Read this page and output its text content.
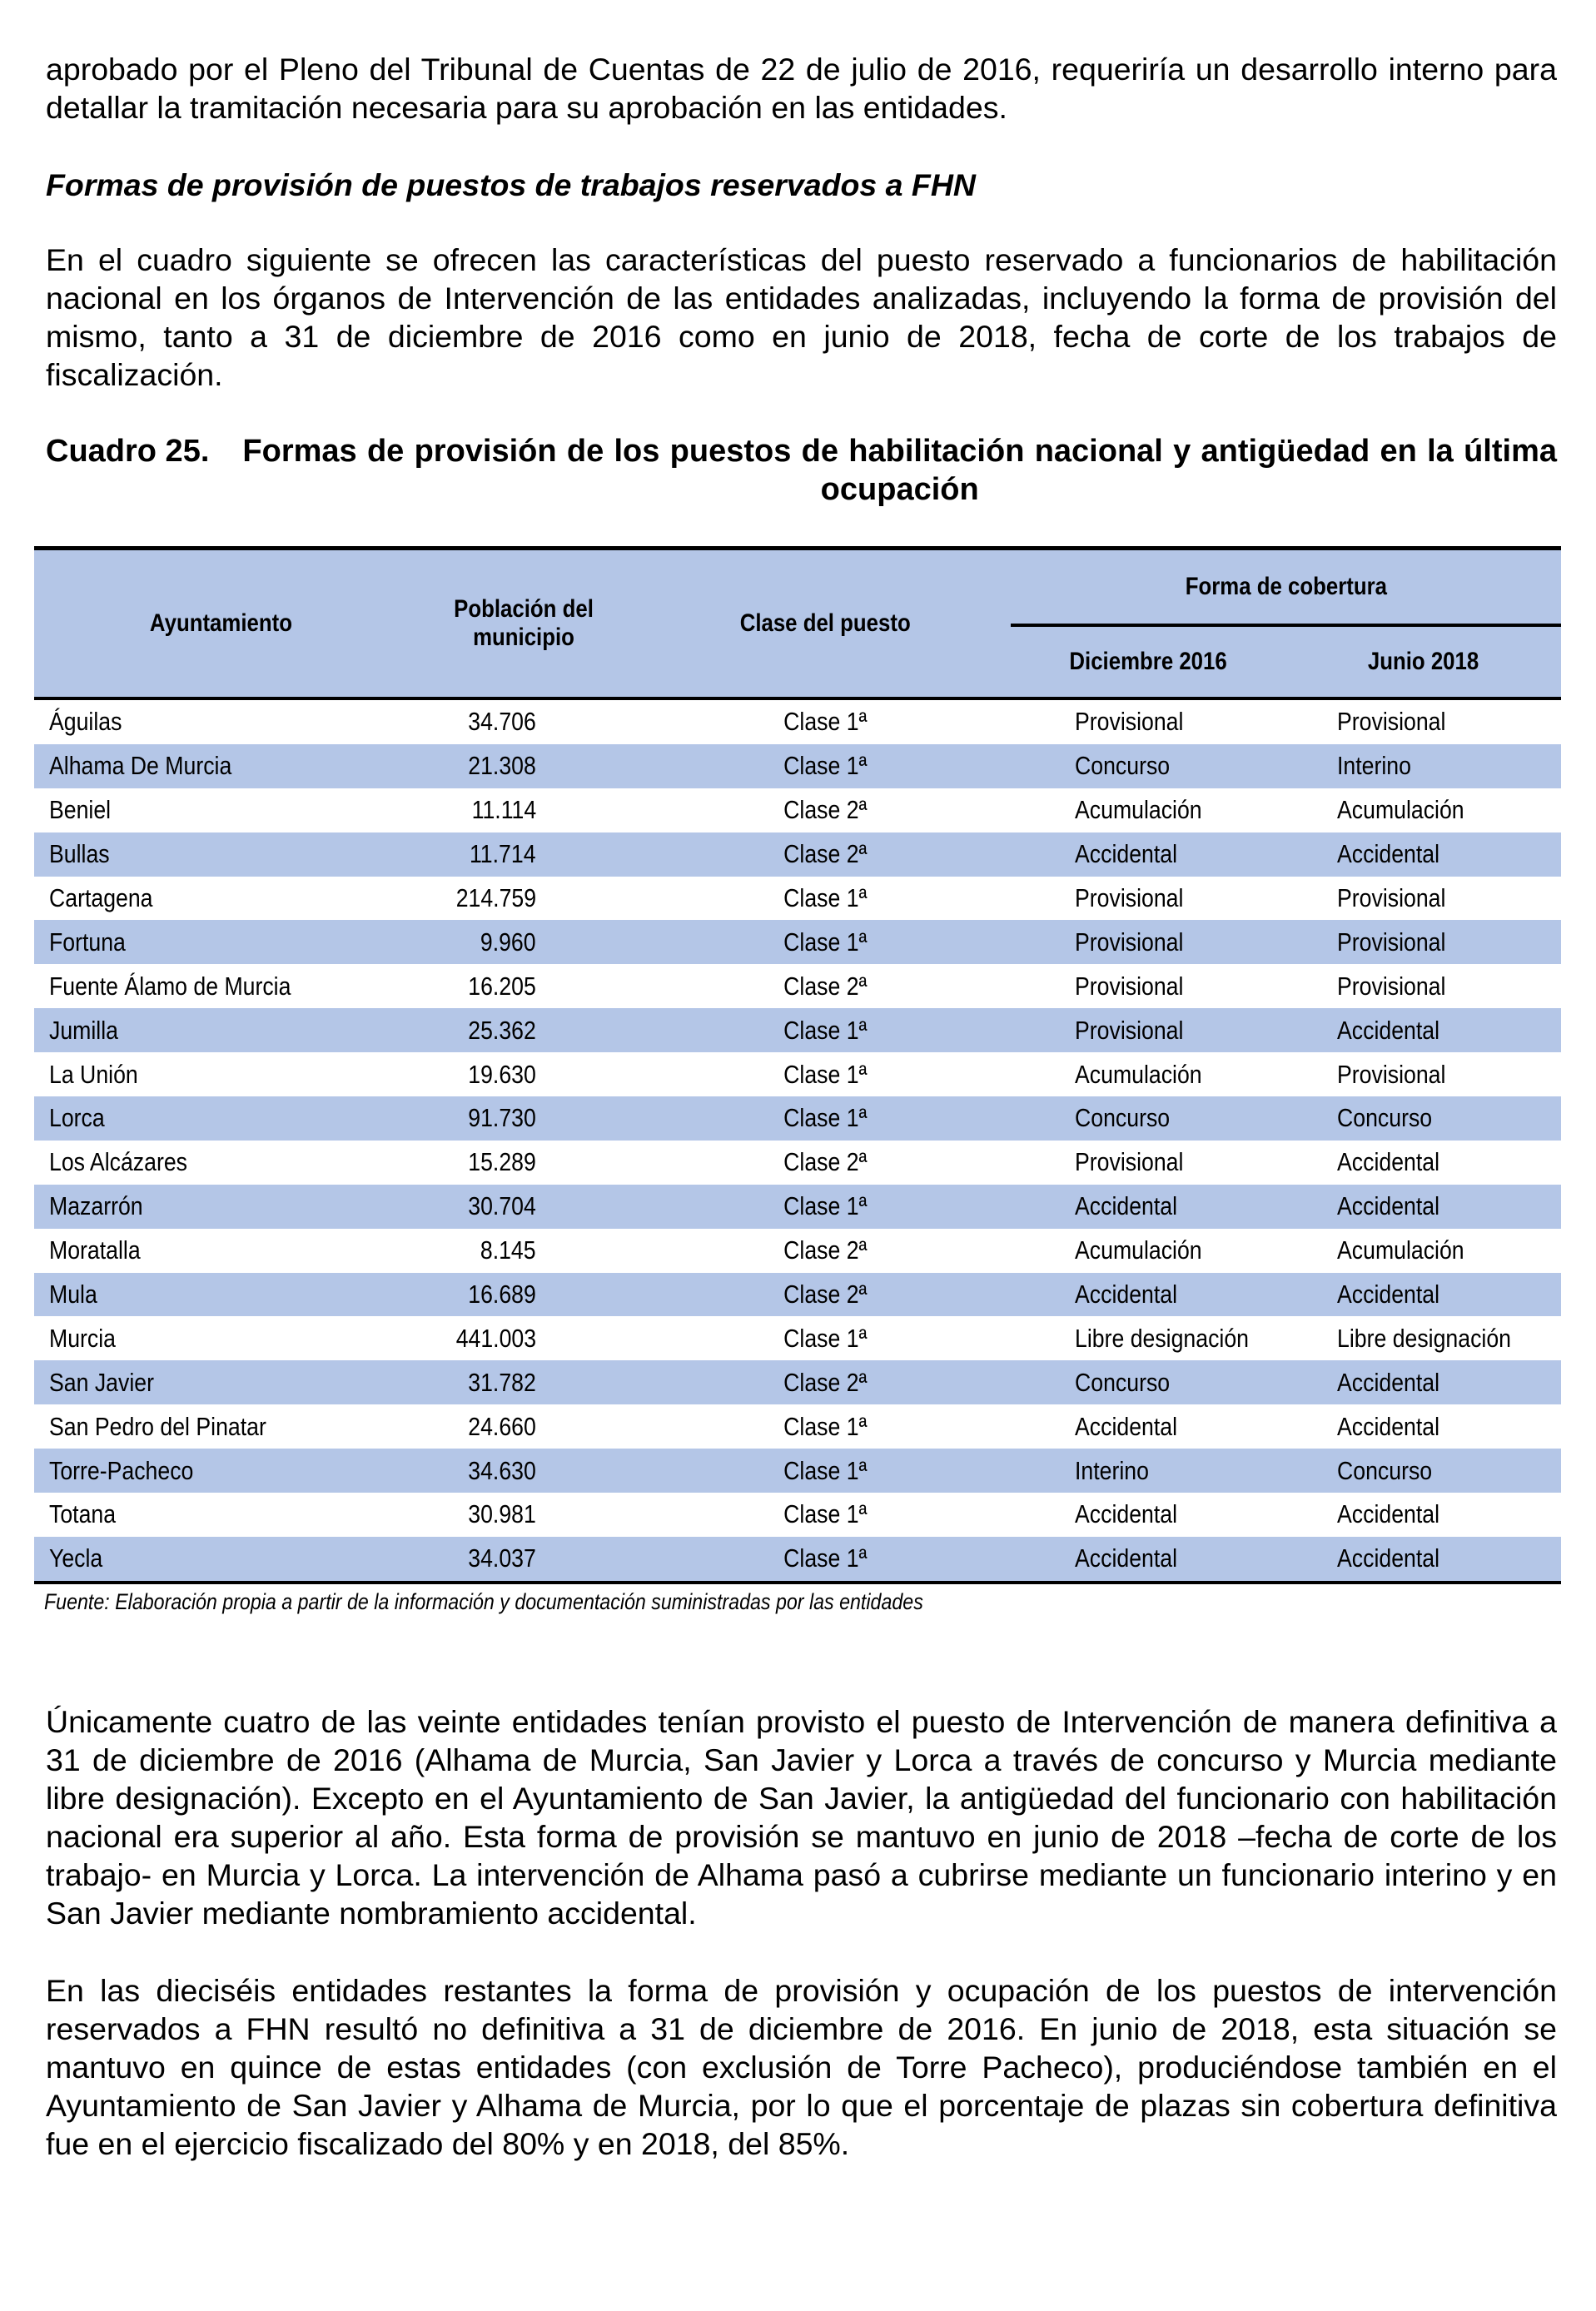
aprobado por el Pleno del Tribunal de Cuentas de 22 de julio de 2016, requeriría un desarrollo interno para detallar la tramitación necesaria para su aprobación en las entidades.

Formas de provisión de puestos de trabajos reservados a FHN

En el cuadro siguiente se ofrecen las características del puesto reservado a funcionarios de habilitación nacional en los órganos de Intervención de las entidades analizadas, incluyendo la forma de provisión del mismo, tanto a 31 de diciembre de 2016 como en junio de 2018, fecha de corte de los trabajos de fiscalización.

Cuadro 25. Formas de provisión de los puestos de habilitación nacional y antigüedad en la última ocupación
Ayuntamiento	Población del municipio	Clase del puesto	Forma de cobertura	
			Diciembre 2016	Junio 2018
Águilas	34.706	Clase 1ª	Provisional	Provisional
Alhama De Murcia	21.308	Clase 1ª	Concurso	Interino
Beniel	11.114	Clase 2ª	Acumulación	Acumulación
Bullas	11.714	Clase 2ª	Accidental	Accidental
Cartagena	214.759	Clase 1ª	Provisional	Provisional
Fortuna	9.960	Clase 1ª	Provisional	Provisional
Fuente Álamo de Murcia	16.205	Clase 2ª	Provisional	Provisional
Jumilla	25.362	Clase 1ª	Provisional	Accidental
La Unión	19.630	Clase 1ª	Acumulación	Provisional
Lorca	91.730	Clase 1ª	Concurso	Concurso
Los Alcázares	15.289	Clase 2ª	Provisional	Accidental
Mazarrón	30.704	Clase 1ª	Accidental	Accidental
Moratalla	8.145	Clase 2ª	Acumulación	Acumulación
Mula	16.689	Clase 2ª	Accidental	Accidental
Murcia	441.003	Clase 1ª	Libre designación	Libre designación
San Javier	31.782	Clase 2ª	Concurso	Accidental
San Pedro del Pinatar	24.660	Clase 1ª	Accidental	Accidental
Torre-Pacheco	34.630	Clase 1ª	Interino	Concurso
Totana	30.981	Clase 1ª	Accidental	Accidental
Yecla	34.037	Clase 1ª	Accidental	Accidental
Fuente: Elaboración propia a partir de la información y documentación suministradas por las entidades

Únicamente cuatro de las veinte entidades tenían provisto el puesto de Intervención de manera definitiva a 31 de diciembre de 2016 (Alhama de Murcia, San Javier y Lorca a través de concurso y Murcia mediante libre designación). Excepto en el Ayuntamiento de San Javier, la antigüedad del funcionario con habilitación nacional era superior al año. Esta forma de provisión se mantuvo en junio de 2018 –fecha de corte de los trabajo- en Murcia y Lorca. La intervención de Alhama pasó a cubrirse mediante un funcionario interino y en San Javier mediante nombramiento accidental.

En las dieciséis entidades restantes la forma de provisión y ocupación de los puestos de intervención reservados a FHN resultó no definitiva a 31 de diciembre de 2016. En junio de 2018, esta situación se mantuvo en quince de estas entidades (con exclusión de Torre Pacheco), produciéndose también en el Ayuntamiento de San Javier y Alhama de Murcia, por lo que el porcentaje de plazas sin cobertura definitiva fue en el ejercicio fiscalizado del 80% y en 2018, del 85%.
